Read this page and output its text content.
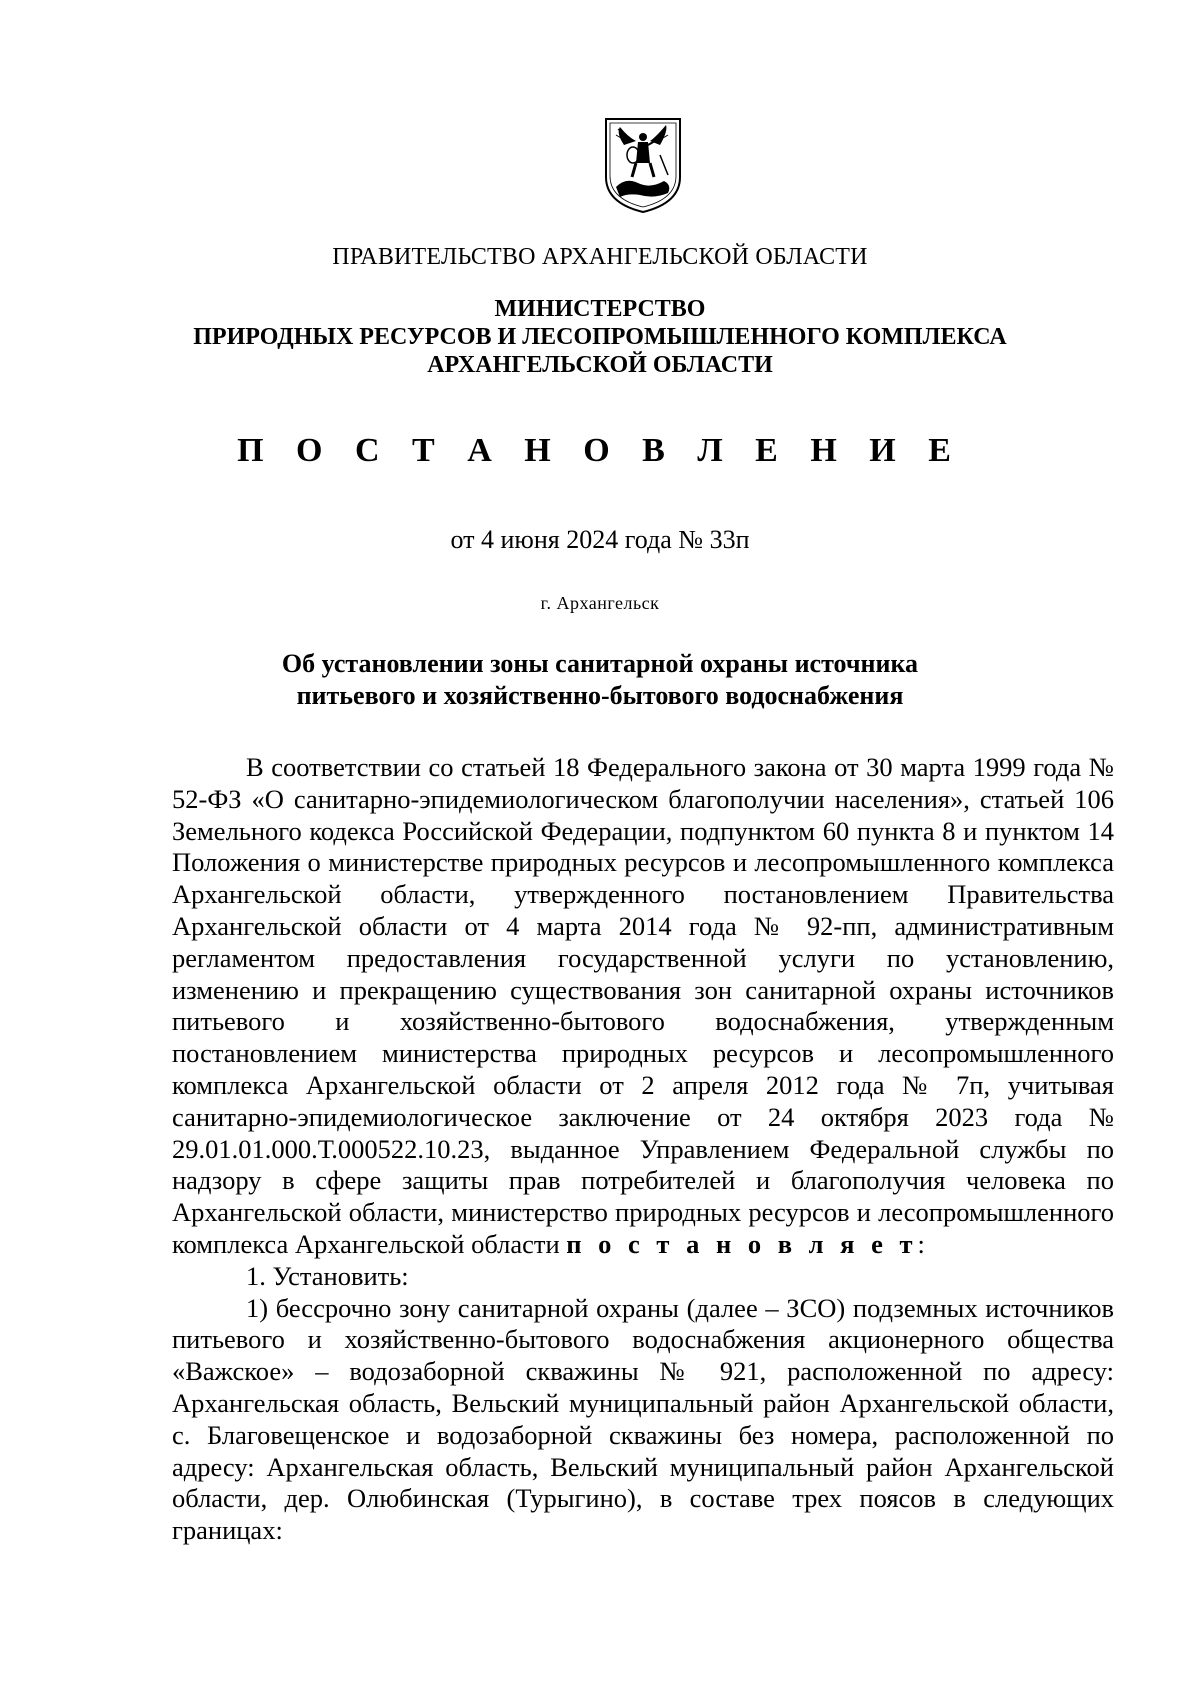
ПРАВИТЕЛЬСТВО АРХАНГЕЛЬСКОЙ ОБЛАСТИ
МИНИСТЕРСТВО
ПРИРОДНЫХ РЕСУРСОВ И ЛЕСОПРОМЫШЛЕННОГО КОМПЛЕКСА
АРХАНГЕЛЬСКОЙ ОБЛАСТИ
П О С Т А Н О В Л Е Н И Е
от 4 июня 2024 года № 33п
г. Архангельск
Об установлении зоны санитарной охраны источника
питьевого и хозяйственно-бытового водоснабжения

В соответствии со статьей 18 Федерального закона от 30 марта 1999 года № 52-ФЗ «О санитарно-эпидемиологическом благополучии населения», статьей 106 Земельного кодекса Российской Федерации, подпунктом 60 пункта 8 и пунктом 14 Положения о министерстве природных ресурсов и лесопромышленного комплекса Архангельской области, утвержденного постановлением Правительства Архангельской области от 4 марта 2014 года № 92-пп, административным регламентом предоставления государственной услуги по установлению, изменению и прекращению существования зон санитарной охраны источников питьевого и хозяйственно-бытового водоснабжения, утвержденным постановлением министерства природных ресурсов и лесопромышленного комплекса Архангельской области от 2 апреля 2012 года № 7п, учитывая санитарно-эпидемиологическое заключение от 24 октября 2023 года № 29.01.01.000.Т.000522.10.23, выданное Управлением Федеральной службы по надзору в сфере защиты прав потребителей и благополучия человека по Архангельской области, министерство природных ресурсов и лесопромышленного комплекса Архангельской области п о с т а н о в л я е т:

1. Установить:

1) бессрочно зону санитарной охраны (далее – ЗСО) подземных источников питьевого и хозяйственно-бытового водоснабжения акционерного общества «Важское» – водозаборной скважины № 921, расположенной по адресу: Архангельская область, Вельский муниципальный район Архангельской области, с. Благовещенское и водозаборной скважины без номера, расположенной по адресу: Архангельская область, Вельский муниципальный район Архангельской области, дер. Олюбинская (Турыгино), в составе трех поясов в следующих границах:
